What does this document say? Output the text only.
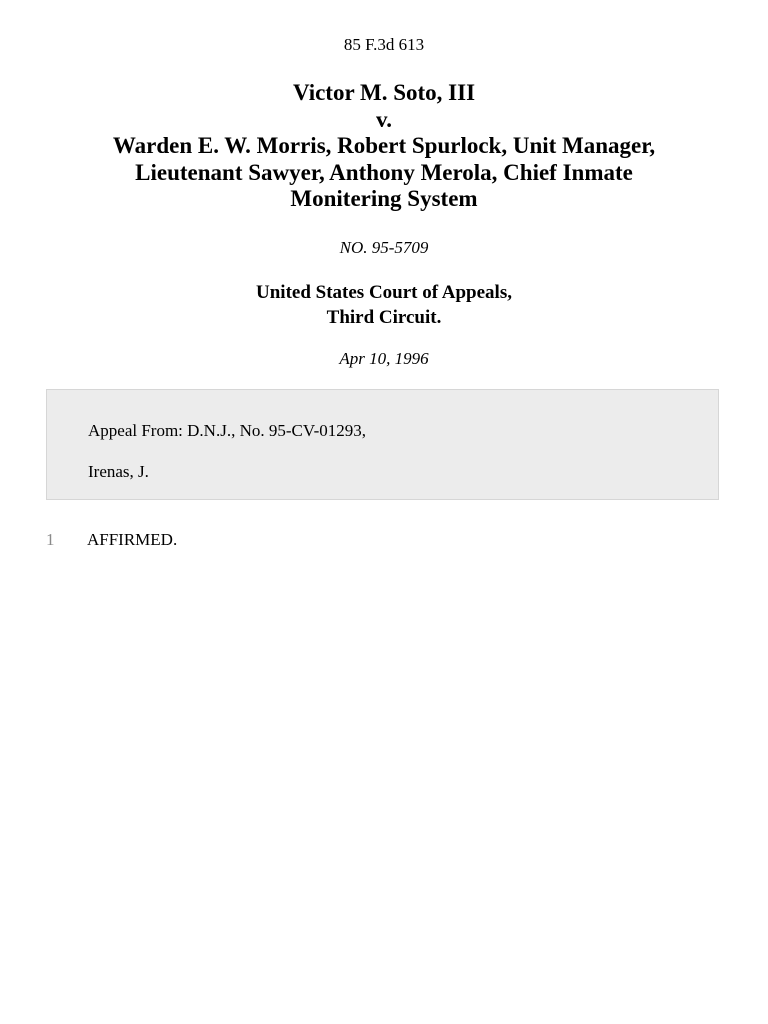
85 F.3d 613
Victor M. Soto, III
v.
Warden E. W. Morris, Robert Spurlock, Unit Manager,
Lieutenant Sawyer, Anthony Merola, Chief Inmate
Monitering System
NO. 95-5709
United States Court of Appeals,
Third Circuit.
Apr 10, 1996
Appeal From: D.N.J., No. 95-CV-01293,
Irenas, J.
1 AFFIRMED.
